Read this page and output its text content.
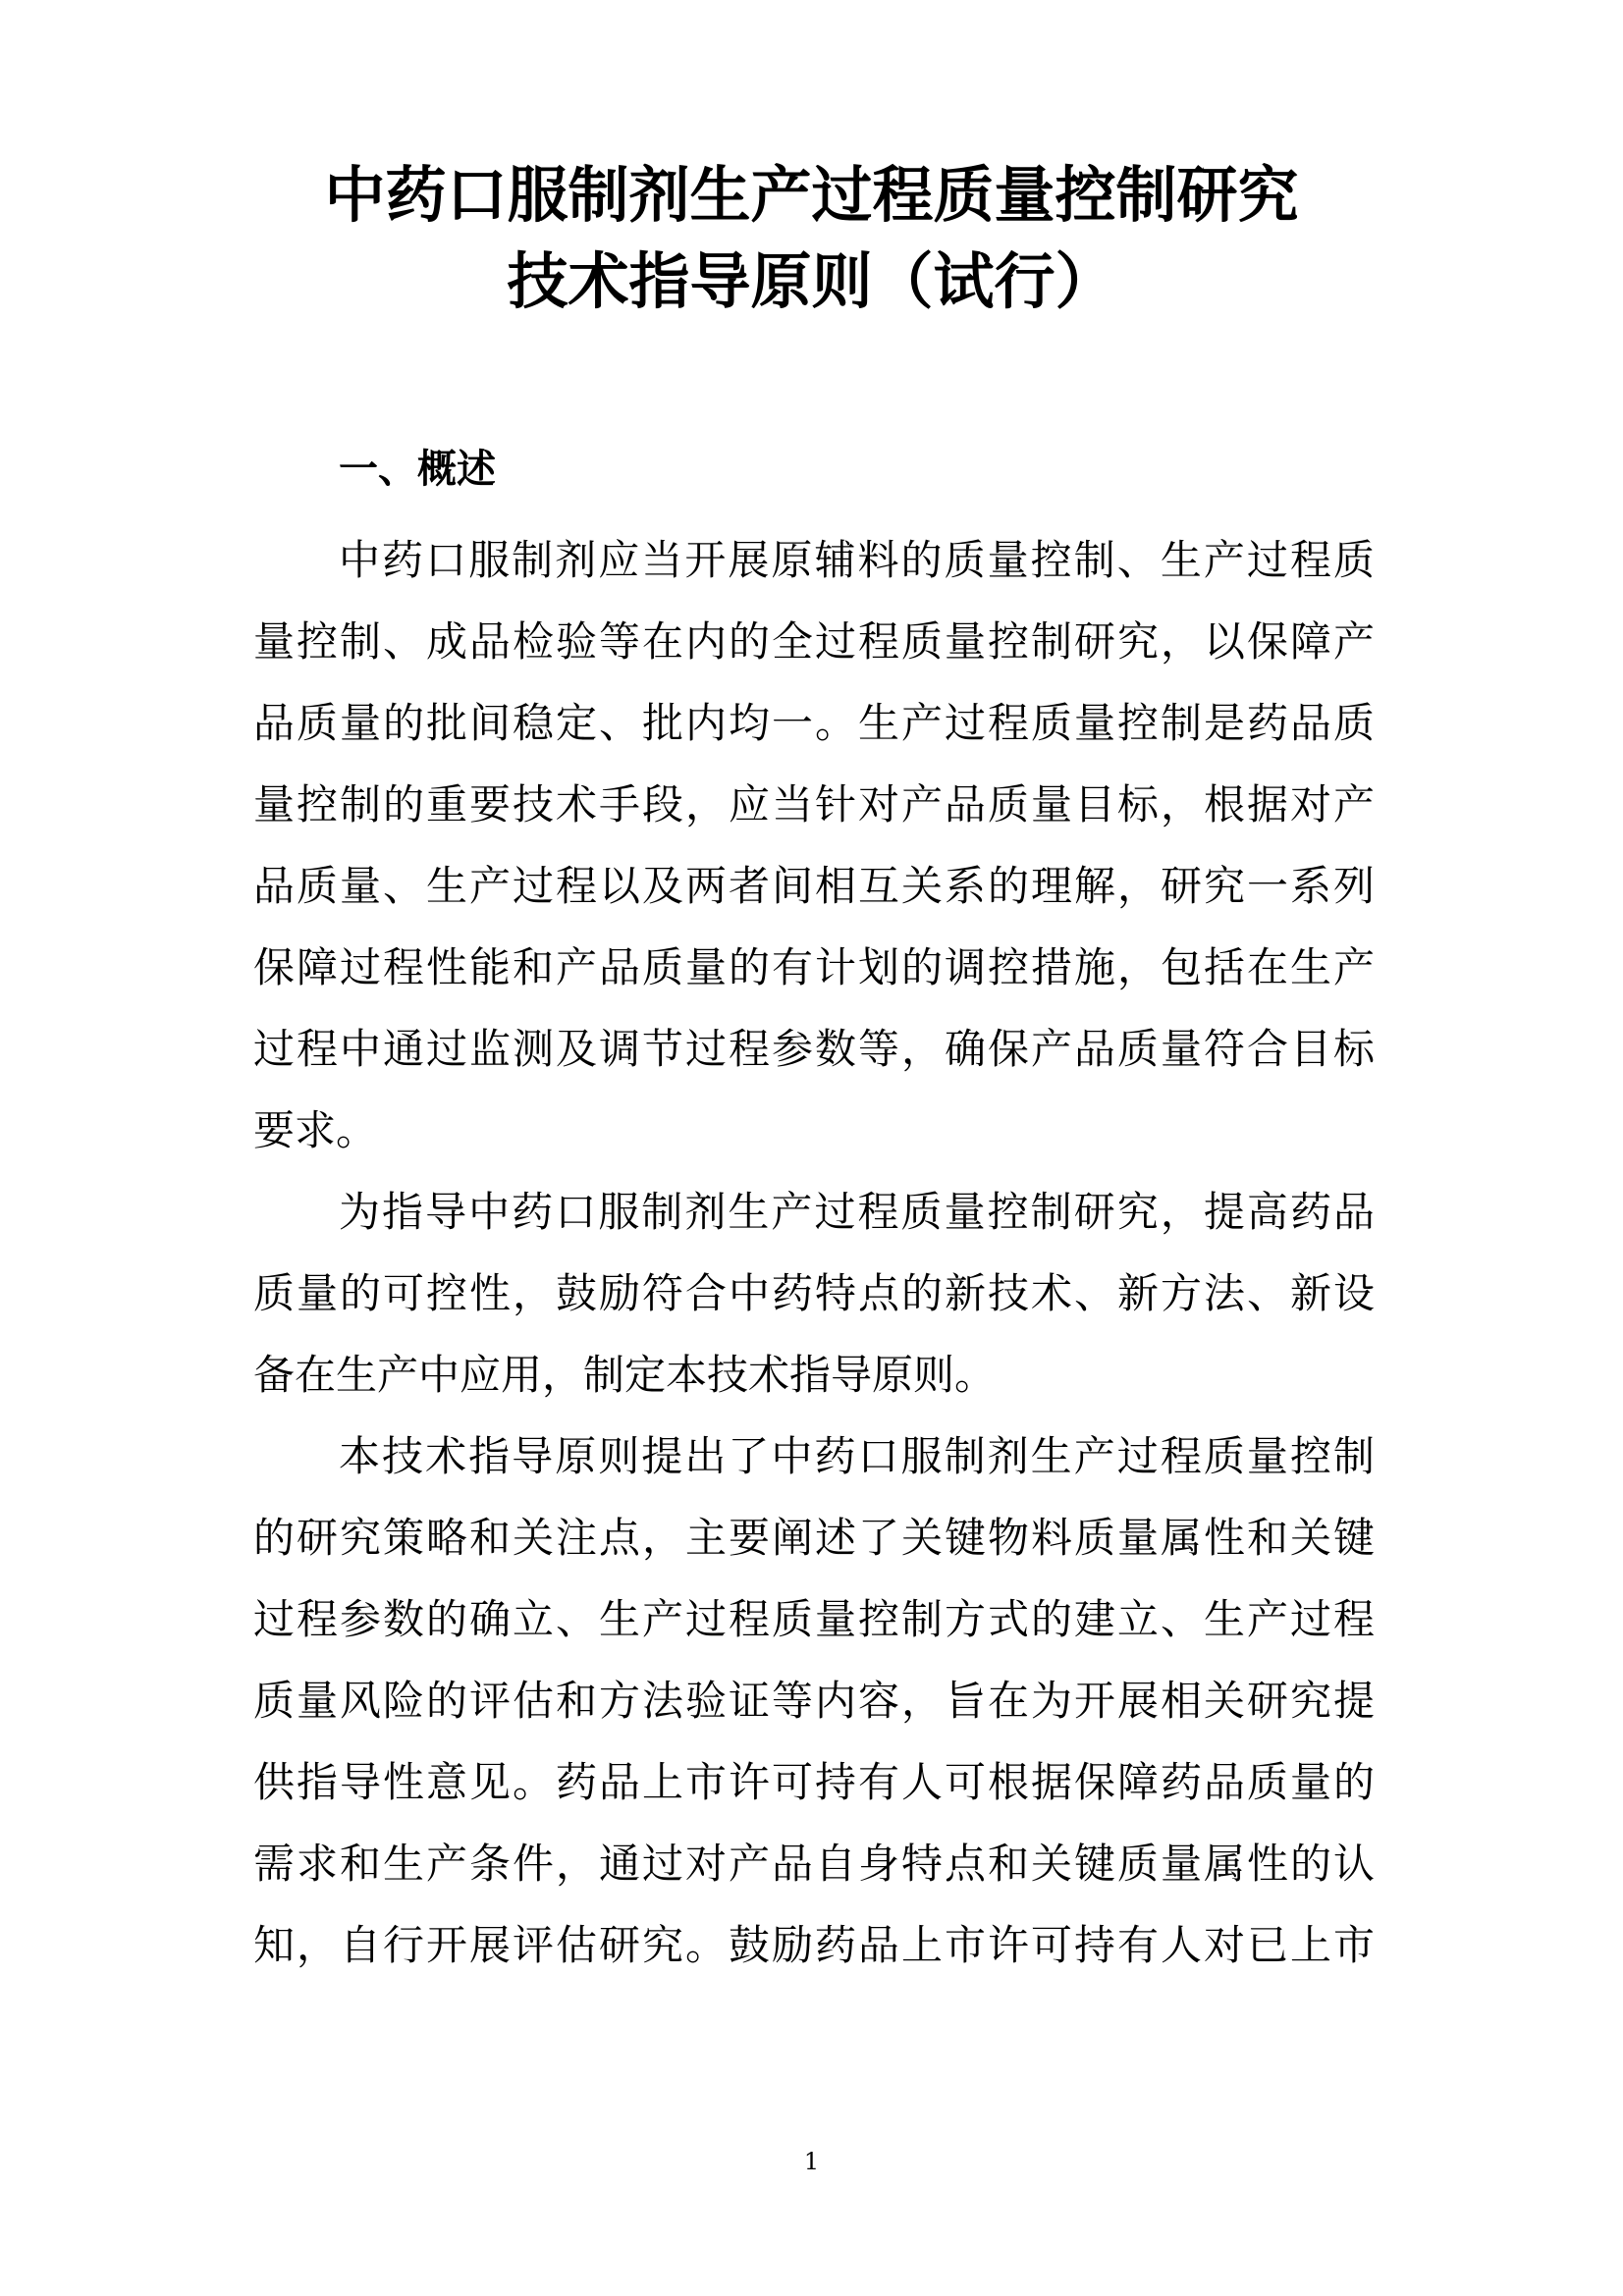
中药口服制剂生产过程质量控制研究
技术指导原则（试行）
一、概述
中药口服制剂应当开展原辅料的质量控制、生产过程质
量控制、成品检验等在内的全过程质量控制研究，以保障产
品质量的批间稳定、批内均一。生产过程质量控制是药品质
量控制的重要技术手段，应当针对产品质量目标，根据对产
品质量、生产过程以及两者间相互关系的理解，研究一系列
保障过程性能和产品质量的有计划的调控措施，包括在生产
过程中通过监测及调节过程参数等，确保产品质量符合目标
要求。
为指导中药口服制剂生产过程质量控制研究，提高药品
质量的可控性，鼓励符合中药特点的新技术、新方法、新设
备在生产中应用，制定本技术指导原则。
本技术指导原则提出了中药口服制剂生产过程质量控制
的研究策略和关注点，主要阐述了关键物料质量属性和关键
过程参数的确立、生产过程质量控制方式的建立、生产过程
质量风险的评估和方法验证等内容，旨在为开展相关研究提
供指导性意见。药品上市许可持有人可根据保障药品质量的
需求和生产条件，通过对产品自身特点和关键质量属性的认
知，自行开展评估研究。鼓励药品上市许可持有人对已上市
1
